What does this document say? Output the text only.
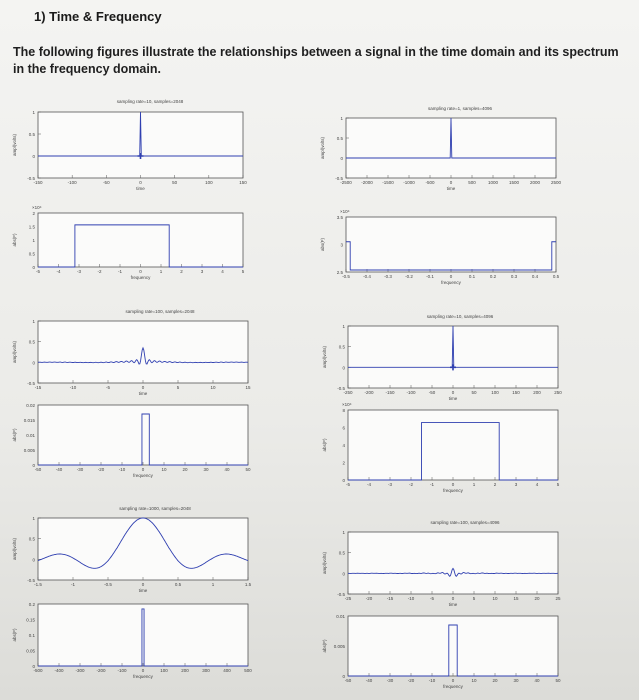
1) Time & Frequency
The following figures illustrate the relationships between a signal in the time domain and its spectrum in the frequency domain.
sampling rate=10, samples=2048
1
0.5
0
-0.5
-150	-100	-50	0	50	100	150
time
ampl(volts)
2
1.5
1
0.5
0
-5	-4	-3	-2	-1	0	1	2	3	4	5
frequency
abs(F)
×10⁴
sampling rate=1, samples=4096
1
0.5
0
-0.5
-2500 -2000 -1500 -1000 -500	0	500	1000 1500 2000 2500
time
ampl(volts)
3.5
3
2.5
-0.5	-0.4	-0.3	-0.2	-0.1	0	0.1	0.2	0.3	0.4	0.5
frequency
abs(F)
×10⁴
sampling rate=100, samples=2048
1
0.5
0
-0.5
-15	-10	-5	0	5	10	15
time
ampl(volts)
0.02
0.015
0.01
0.005
0
-50	-40	-30	-20	-10	0	10	20	30	40	50
frequency
abs(F)
sampling rate=10, samples=4096
1
0.5
0
-0.5
-250	-200	-150	-100	-50	0	50	100	150	200	250
time
ampl(volts)
8
6
4
2
0
-5	-4	-3	-2	-1	0	1	2	3	4	5
frequency
abs(F)
×10⁴
sampling rate=1000, samples=2048
1
0.5
0
-0.5
-1.5	-1	-0.5	0	0.5	1	1.5
time
ampl(volts)
0.2
0.15
0.1
0.05
0
-500	-400	-300	-200	-100	0	100	200	300	400	500
frequency
abs(F)
sampling rate=100, samples=4096
1
0.5
0
-0.5
-25	-20	-15	-10	-5	0	5	10	15	20	25
time
ampl(volts)
0.01
0.005
0
-50	-40	-30	-20	-10	0	10	20	30	40	50
frequency
abs(F)
